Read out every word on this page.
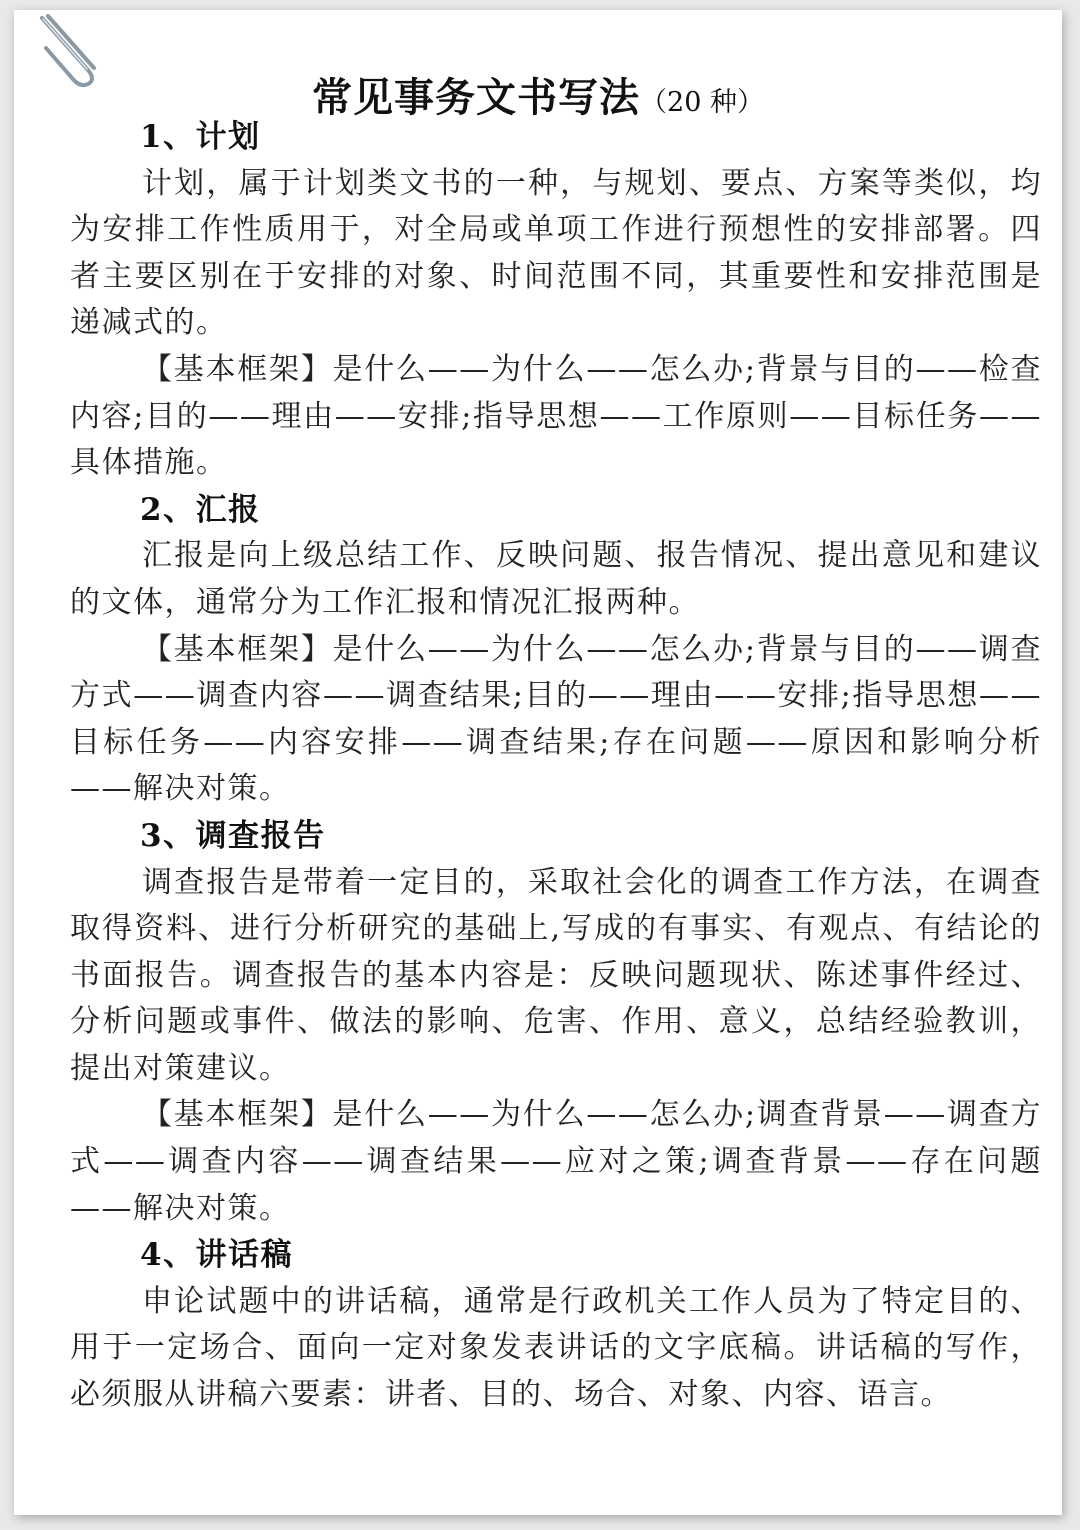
常见事务文书写法（20 种）
1、计划

计划，属于计划类文书的一种，与规划、要点、方案等类似，均为安排工作性质用于，对全局或单项工作进行预想性的安排部署。四者主要区别在于安排的对象、时间范围不同，其重要性和安排范围是递减式的。

【基本框架】是什么——为什么——怎么办;背景与目的——检查内容;目的——理由——安排;指导思想——工作原则——目标任务——具体措施。

2、汇报

汇报是向上级总结工作、反映问题、报告情况、提出意见和建议的文体，通常分为工作汇报和情况汇报两种。

【基本框架】是什么——为什么——怎么办;背景与目的——调查方式——调查内容——调查结果;目的——理由——安排;指导思想——目标任务——内容安排——调查结果;存在问题——原因和影响分析——解决对策。

3、调查报告

调查报告是带着一定目的，采取社会化的调查工作方法，在调查取得资料、进行分析研究的基础上,写成的有事实、有观点、有结论的书面报告。调查报告的基本内容是：反映问题现状、陈述事件经过、分析问题或事件、做法的影响、危害、作用、意义，总结经验教训，提出对策建议。

【基本框架】是什么——为什么——怎么办;调查背景——调查方式——调查内容——调查结果——应对之策;调查背景——存在问题——解决对策。

4、讲话稿

申论试题中的讲话稿，通常是行政机关工作人员为了特定目的、用于一定场合、面向一定对象发表讲话的文字底稿。讲话稿的写作，必须服从讲稿六要素：讲者、目的、场合、对象、内容、语言。
